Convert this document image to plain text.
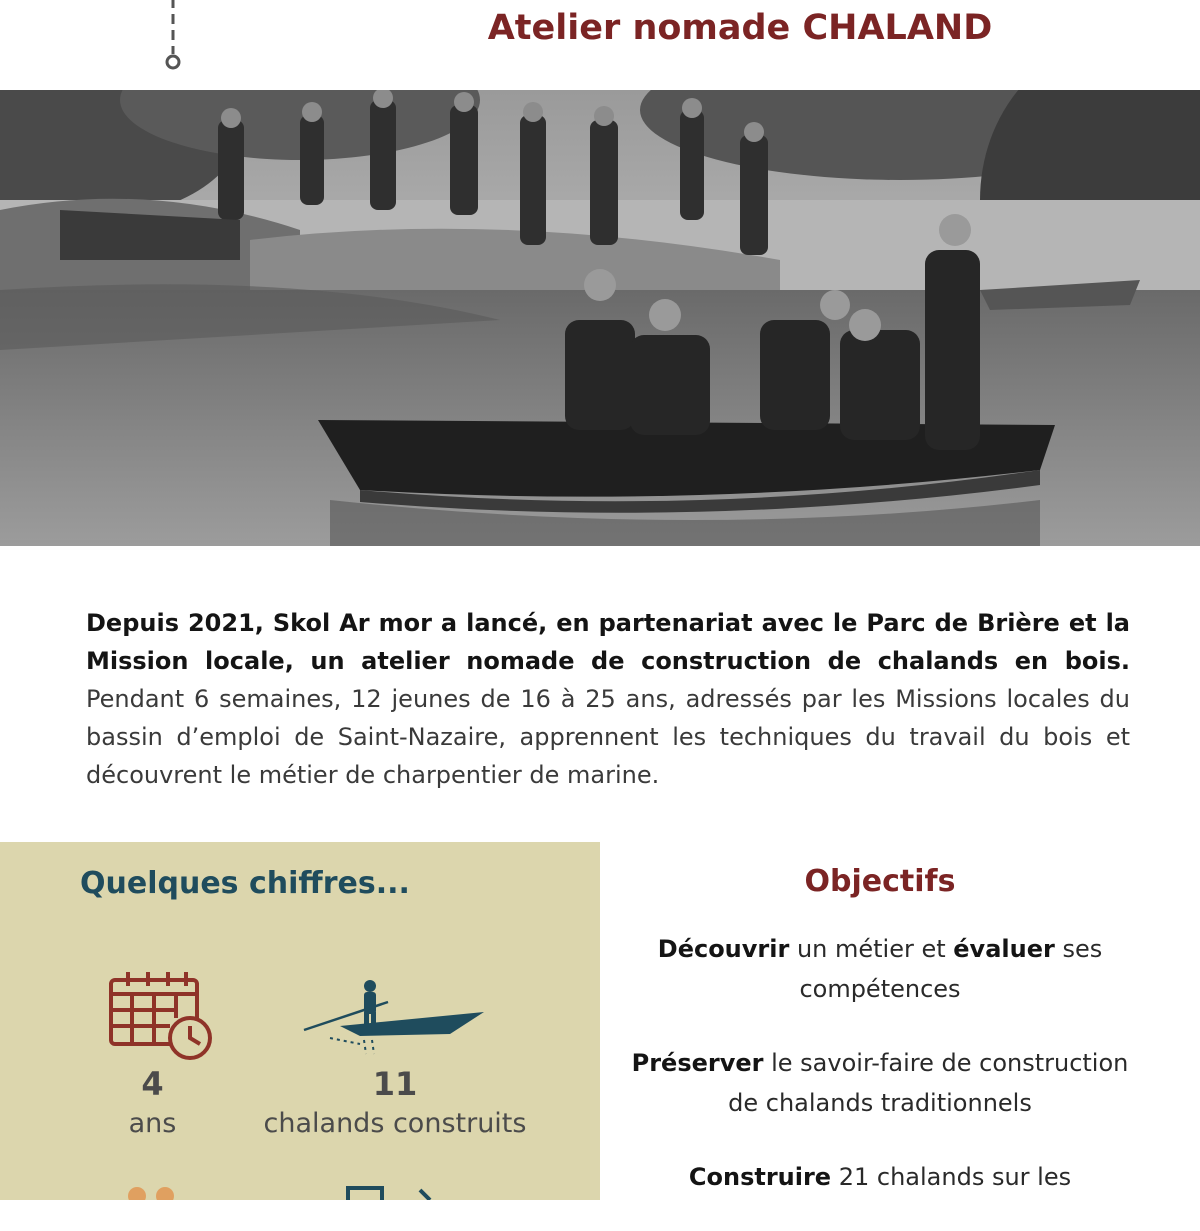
Atelier nomade CHALAND
Depuis 2021, Skol Ar mor a lancé, en partenariat avec le Parc de Brière et la Mission locale, un atelier nomade de construction de chalands en bois. Pendant 6 semaines, 12 jeunes de 16 à 25 ans, adressés par les Missions locales du bassin d’emploi de Saint-Nazaire, apprennent les techniques du travail du bois et découvrent le métier de charpentier de marine.
Quelques chiffres...
4
ans
11
chalands construits
Objectifs
Découvrir un métier et évaluer ses compétences
Préserver le savoir-faire de construction de chalands traditionnels
Construire 21 chalands sur les
